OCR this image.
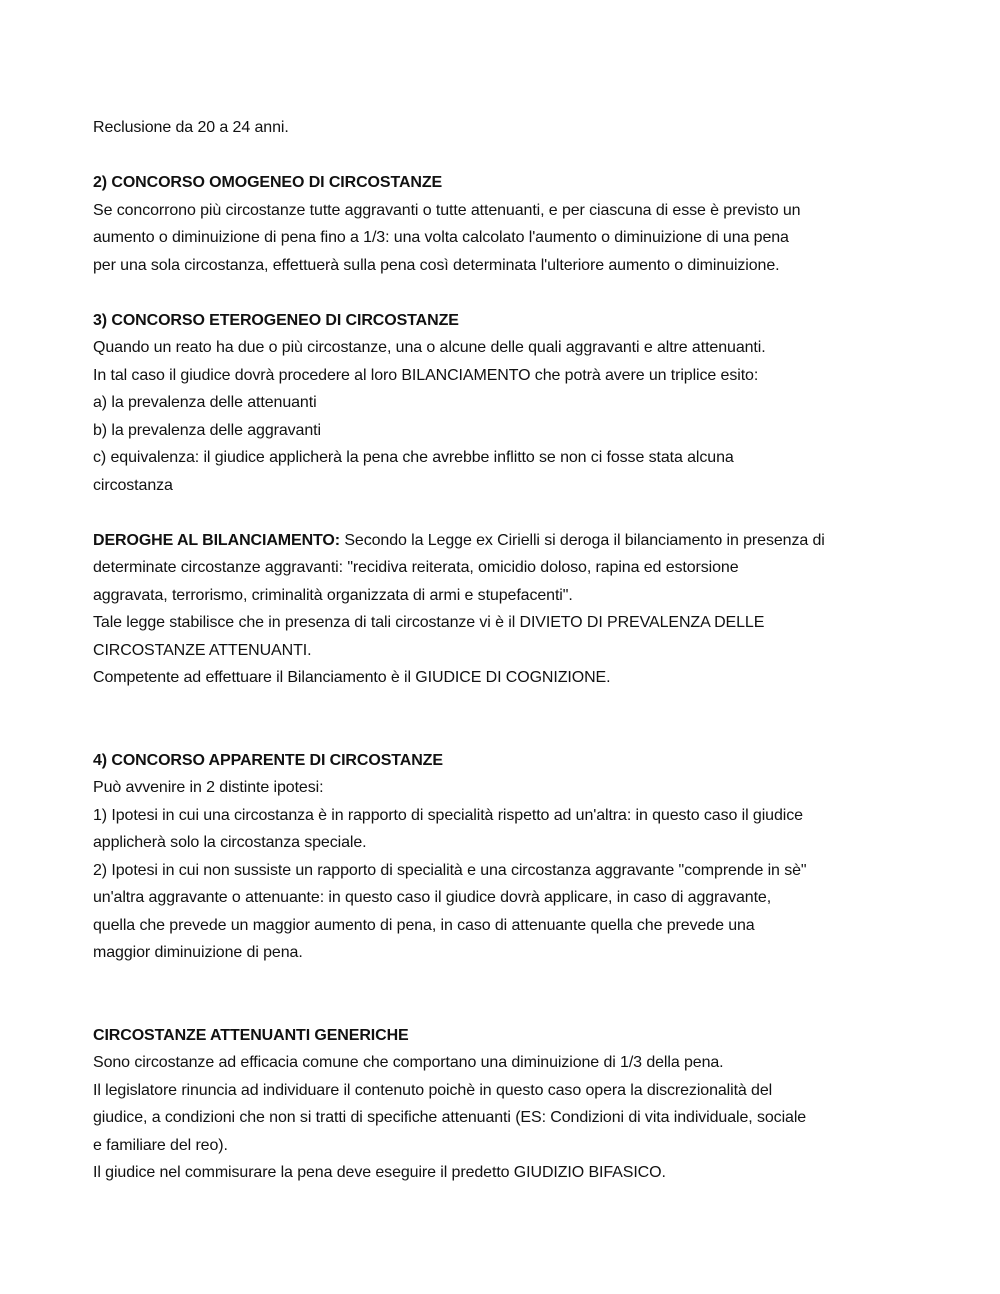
Reclusione da 20 a 24 anni.
2) CONCORSO OMOGENEO DI CIRCOSTANZE
Se concorrono più circostanze tutte aggravanti o tutte attenuanti, e per ciascuna di esse è previsto un
aumento o diminuizione di pena fino a 1/3: una volta calcolato l'aumento o diminuizione di una pena
per una sola circostanza, effettuerà sulla pena così determinata l'ulteriore aumento o diminuizione.
3) CONCORSO ETEROGENEO DI CIRCOSTANZE
Quando un reato ha due o più circostanze, una o alcune delle quali aggravanti e altre attenuanti.
In tal caso il giudice dovrà procedere al loro BILANCIAMENTO che potrà avere un triplice esito:
a) la prevalenza delle attenuanti
b) la prevalenza delle aggravanti
c) equivalenza: il giudice applicherà la pena che avrebbe inflitto se non ci fosse stata alcuna
circostanza
DEROGHE AL BILANCIAMENTO: Secondo la Legge ex Cirielli si deroga il bilanciamento in presenza di
determinate circostanze aggravanti: "recidiva reiterata, omicidio doloso, rapina ed estorsione
aggravata, terrorismo, criminalità organizzata di armi e stupefacenti".
Tale legge stabilisce che in presenza di tali circostanze vi è il DIVIETO DI PREVALENZA DELLE
CIRCOSTANZE ATTENUANTI.
Competente ad effettuare il Bilanciamento è il GIUDICE DI COGNIZIONE.
4) CONCORSO APPARENTE DI CIRCOSTANZE
Può avvenire in 2 distinte ipotesi:
1) Ipotesi in cui una circostanza è in rapporto di specialità rispetto ad un'altra: in questo caso il giudice
applicherà solo la circostanza speciale.
2) Ipotesi in cui non sussiste un rapporto di specialità e una circostanza aggravante "comprende in sè"
un'altra aggravante o attenuante: in questo caso il giudice dovrà applicare, in caso di aggravante,
quella che prevede un maggior aumento di pena, in caso di attenuante quella che prevede una
maggior diminuizione di pena.
CIRCOSTANZE ATTENUANTI GENERICHE
Sono circostanze ad efficacia comune che comportano una diminuizione di 1/3 della pena.
Il legislatore rinuncia ad individuare il contenuto poichè in questo caso opera la discrezionalità del
giudice, a condizioni che non si tratti di specifiche attenuanti (ES: Condizioni di vita individuale, sociale
e familiare del reo).
Il giudice nel commisurare la pena deve eseguire il predetto GIUDIZIO BIFASICO.
